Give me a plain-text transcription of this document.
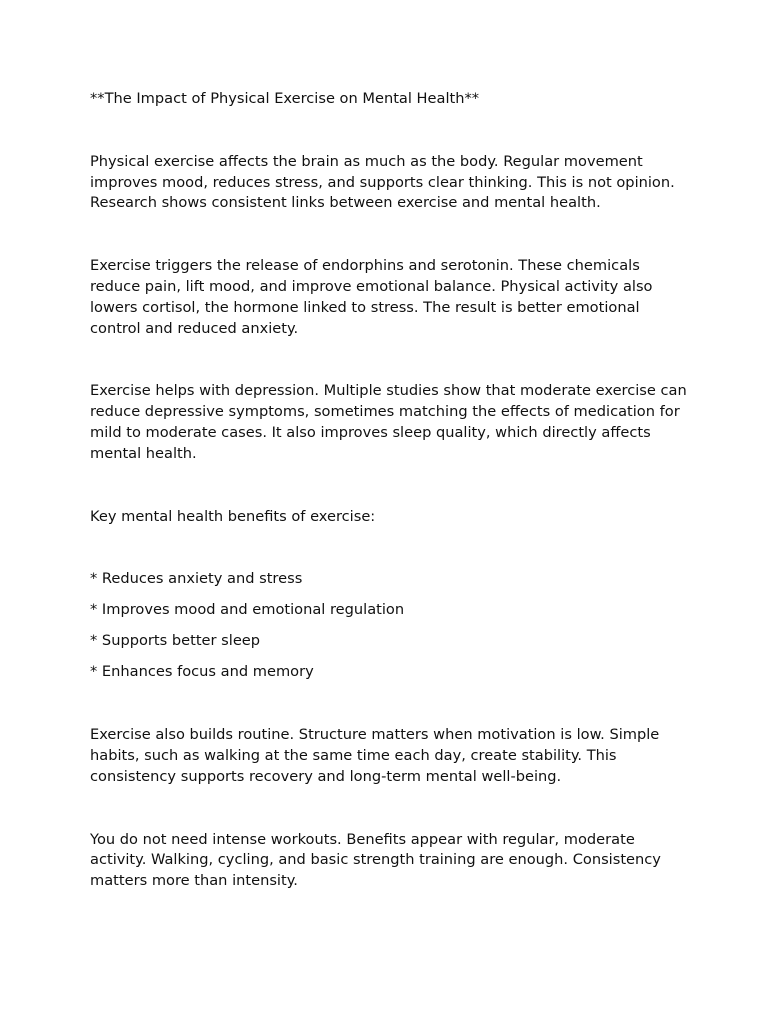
**The Impact of Physical Exercise on Mental Health**

Physical exercise affects the brain as much as the body. Regular movement improves mood, reduces stress, and supports clear thinking. This is not opinion. Research shows consistent links between exercise and mental health.

Exercise triggers the release of endorphins and serotonin. These chemicals reduce pain, lift mood, and improve emotional balance. Physical activity also lowers cortisol, the hormone linked to stress. The result is better emotional control and reduced anxiety.

Exercise helps with depression. Multiple studies show that moderate exercise can reduce depressive symptoms, sometimes matching the effects of medication for mild to moderate cases. It also improves sleep quality, which directly affects mental health.

Key mental health benefits of exercise:

* Reduces anxiety and stress
* Improves mood and emotional regulation
* Supports better sleep
* Enhances focus and memory

Exercise also builds routine. Structure matters when motivation is low. Simple habits, such as walking at the same time each day, create stability. This consistency supports recovery and long-term mental well-being.

You do not need intense workouts. Benefits appear with regular, moderate activity. Walking, cycling, and basic strength training are enough. Consistency matters more than intensity.
